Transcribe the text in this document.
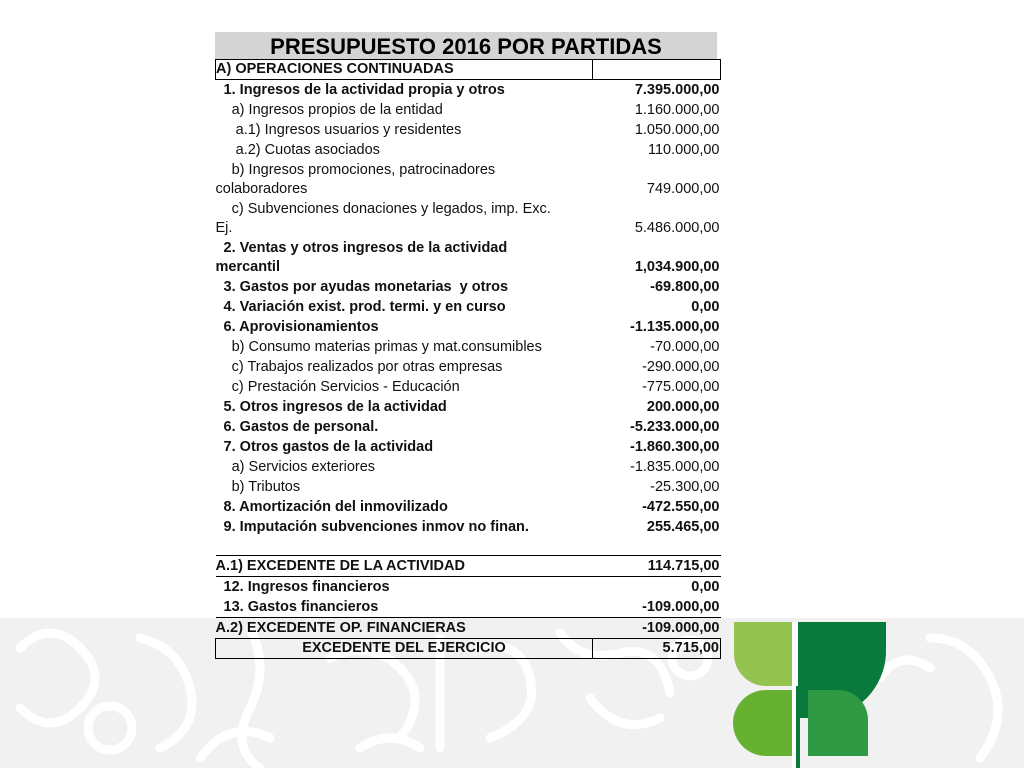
PRESUPUESTO 2016 POR PARTIDAS
A) OPERACIONES CONTINUADAS	
1. Ingresos de la actividad propia y otros	7.395.000,00
a) Ingresos propios de la entidad	1.160.000,00
a.1) Ingresos usuarios y residentes	1.050.000,00
a.2) Cuotas asociados	110.000,00
b) Ingresos promociones, patrocinadores
colaboradores	749.000,00
c) Subvenciones donaciones y legados, imp. Exc.
Ej.	5.486.000,00
2. Ventas y otros ingresos de la actividad
mercantil	1,034.900,00
3. Gastos por ayudas monetarias  y otros	-69.800,00
4. Variación exist. prod. termi. y en curso	0,00
6. Aprovisionamientos	-1.135.000,00
b) Consumo materias primas y mat.consumibles	-70.000,00
c) Trabajos realizados por otras empresas	-290.000,00
c) Prestación Servicios - Educación	-775.000,00
5. Otros ingresos de la actividad	200.000,00
6. Gastos de personal.	-5.233.000,00
7. Otros gastos de la actividad	-1.860.300,00
a) Servicios exteriores	-1.835.000,00
b) Tributos	-25.300,00
8. Amortización del inmovilizado	-472.550,00
9. Imputación subvenciones inmov no finan.	255.465,00

A.1) EXCEDENTE DE LA ACTIVIDAD	114.715,00
12. Ingresos financieros	0,00
13. Gastos financieros	-109.000,00
A.2) EXCEDENTE OP. FINANCIERAS	-109.000,00
EXCEDENTE DEL EJERCICIO	5.715,00
